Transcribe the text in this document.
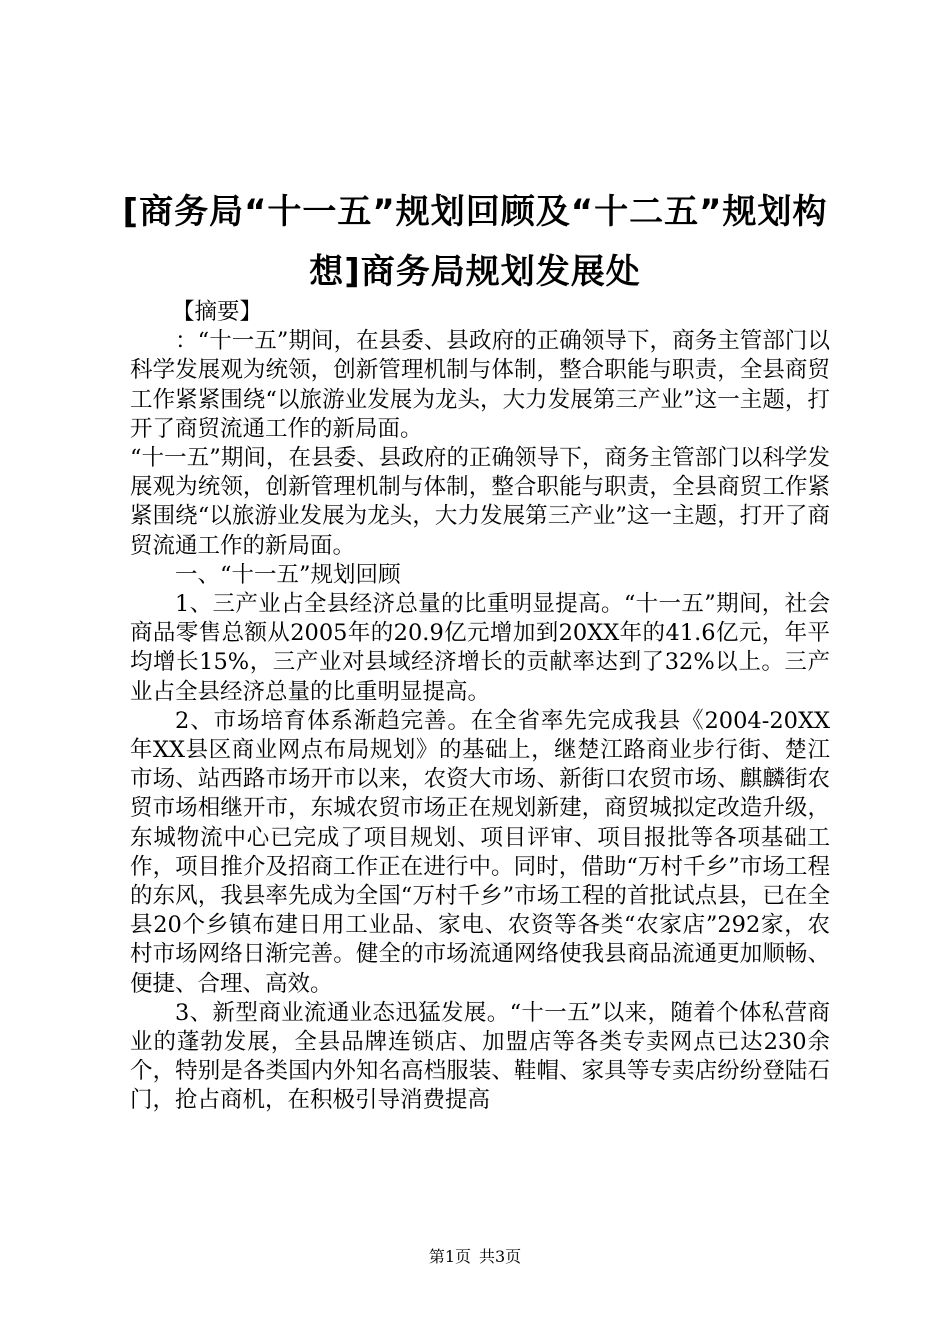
[商务局“十一五”规划回顾及“十二五”规划构想]商务局规划发展处

【摘要】

：“十一五”期间，在县委、县政府的正确领导下，商务主管部门以科学发展观为统领，创新管理机制与体制，整合职能与职责，全县商贸工作紧紧围绕“以旅游业发展为龙头，大力发展第三产业”这一主题，打开了商贸流通工作的新局面。

“十一五”期间，在县委、县政府的正确领导下，商务主管部门以科学发展观为统领，创新管理机制与体制，整合职能与职责，全县商贸工作紧紧围绕“以旅游业发展为龙头，大力发展第三产业”这一主题，打开了商贸流通工作的新局面。

一、“十一五”规划回顾

1、三产业占全县经济总量的比重明显提高。“十一五”期间，社会商品零售总额从2005年的20.9亿元增加到20XX年的41.6亿元，年平均增长15%，三产业对县域经济增长的贡献率达到了32%以上。三产业占全县经济总量的比重明显提高。

2、市场培育体系渐趋完善。在全省率先完成我县《2004-20XX年XX县区商业网点布局规划》的基础上，继楚江路商业步行街、楚江市场、站西路市场开市以来，农资大市场、新街口农贸市场、麒麟街农贸市场相继开市，东城农贸市场正在规划新建，商贸城拟定改造升级，东城物流中心已完成了项目规划、项目评审、项目报批等各项基础工作，项目推介及招商工作正在进行中。同时，借助“万村千乡”市场工程的东风，我县率先成为全国“万村千乡”市场工程的首批试点县，已在全县20个乡镇布建日用工业品、家电、农资等各类“农家店”292家，农村市场网络日渐完善。健全的市场流通网络使我县商品流通更加顺畅、便捷、合理、高效。

3、新型商业流通业态迅猛发展。“十一五”以来，随着个体私营商业的蓬勃发展，全县品牌连锁店、加盟店等各类专卖网点已达230余个，特别是各类国内外知名高档服装、鞋帽、家具等专卖店纷纷登陆石门，抢占商机，在积极引导消费提高

第1页 共3页
